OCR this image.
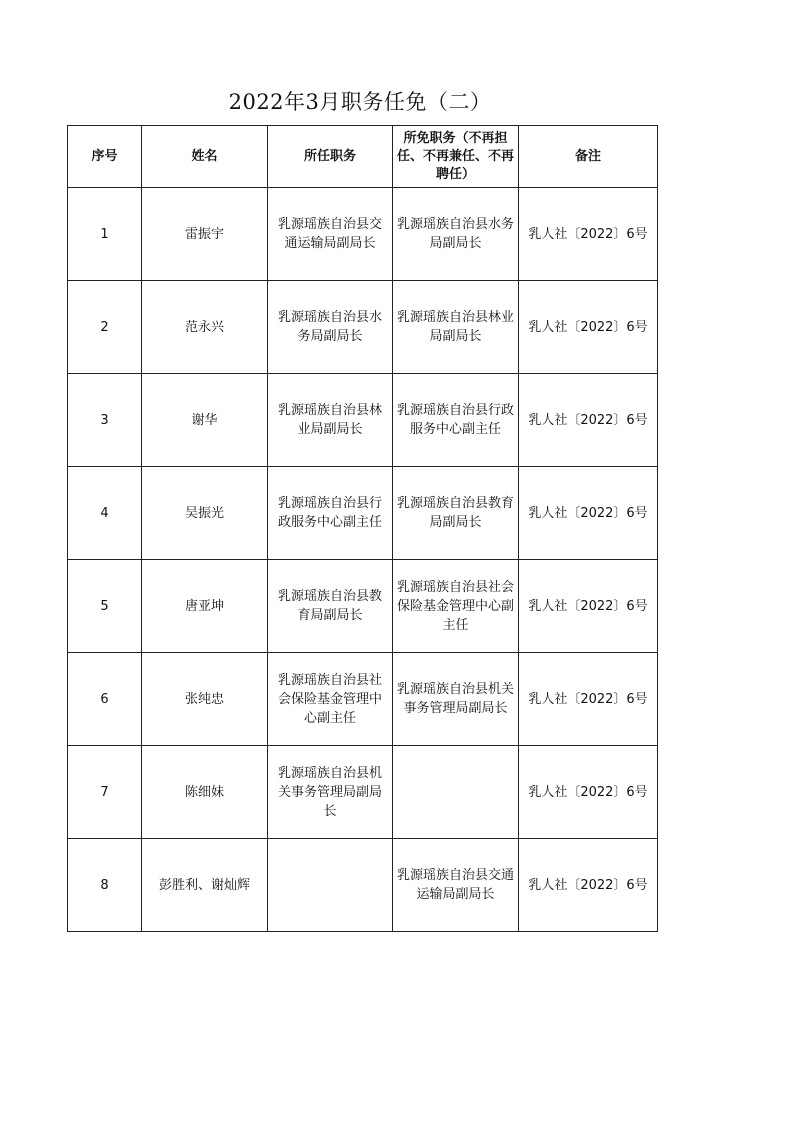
2022年3月职务任免（二）
序号	姓名	所任职务	所免职务（不再担任、不再兼任、不再聘任）	备注
1	雷振宇	乳源瑶族自治县交通运输局副局长	乳源瑶族自治县水务局副局长	乳人社〔2022〕6号
2	范永兴	乳源瑶族自治县水务局副局长	乳源瑶族自治县林业局副局长	乳人社〔2022〕6号
3	谢华	乳源瑶族自治县林业局副局长	乳源瑶族自治县行政服务中心副主任	乳人社〔2022〕6号
4	吴振光	乳源瑶族自治县行政服务中心副主任	乳源瑶族自治县教育局副局长	乳人社〔2022〕6号
5	唐亚坤	乳源瑶族自治县教育局副局长	乳源瑶族自治县社会保险基金管理中心副主任	乳人社〔2022〕6号
6	张纯忠	乳源瑶族自治县社会保险基金管理中心副主任	乳源瑶族自治县机关事务管理局副局长	乳人社〔2022〕6号
7	陈细妹	乳源瑶族自治县机关事务管理局副局长		乳人社〔2022〕6号
8	彭胜利、谢灿辉		乳源瑶族自治县交通运输局副局长	乳人社〔2022〕6号
